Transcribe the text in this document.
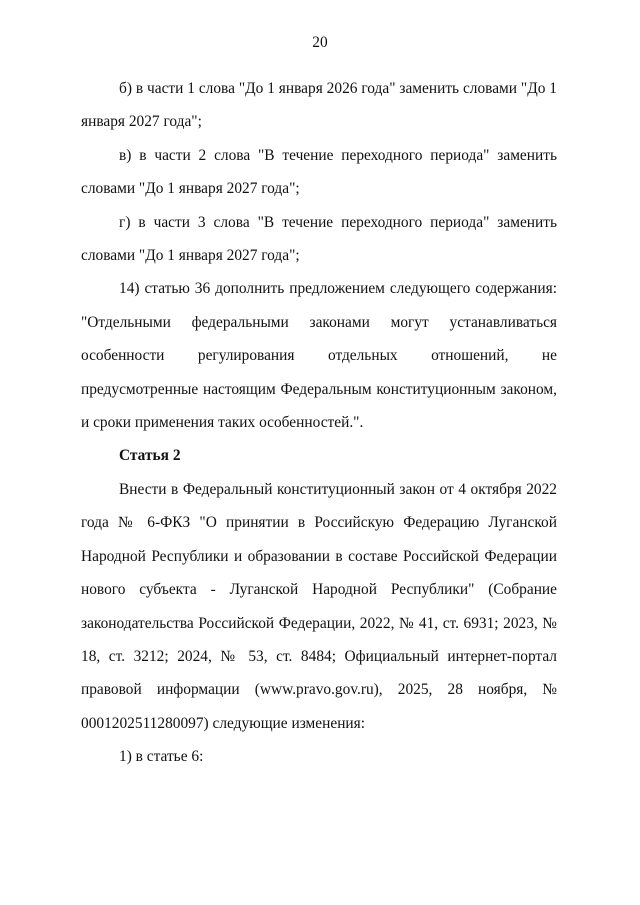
20

б) в части 1 слова "До 1 января 2026 года" заменить словами "До 1 января 2027 года";

в) в части 2 слова "В течение переходного периода" заменить словами "До 1 января 2027 года";

г) в части 3 слова "В течение переходного периода" заменить словами "До 1 января 2027 года";

14) статью 36 дополнить предложением следующего содержания: "Отдельными федеральными законами могут устанавливаться особенности регулирования отдельных отношений, не предусмотренные настоящим Федеральным конституционным законом, и сроки применения таких особенностей.".

Статья 2

Внести в Федеральный конституционный закон от 4 октября 2022 года № 6-ФКЗ "О принятии в Российскую Федерацию Луганской Народной Республики и образовании в составе Российской Федерации нового субъекта - Луганской Народной Республики" (Собрание законодательства Российской Федерации, 2022, № 41, ст. 6931; 2023, № 18, ст. 3212; 2024, № 53, ст. 8484; Официальный интернет-портал правовой информации (www.pravo.gov.ru), 2025, 28 ноября, № 0001202511280097) следующие изменения:

1) в статье 6:
